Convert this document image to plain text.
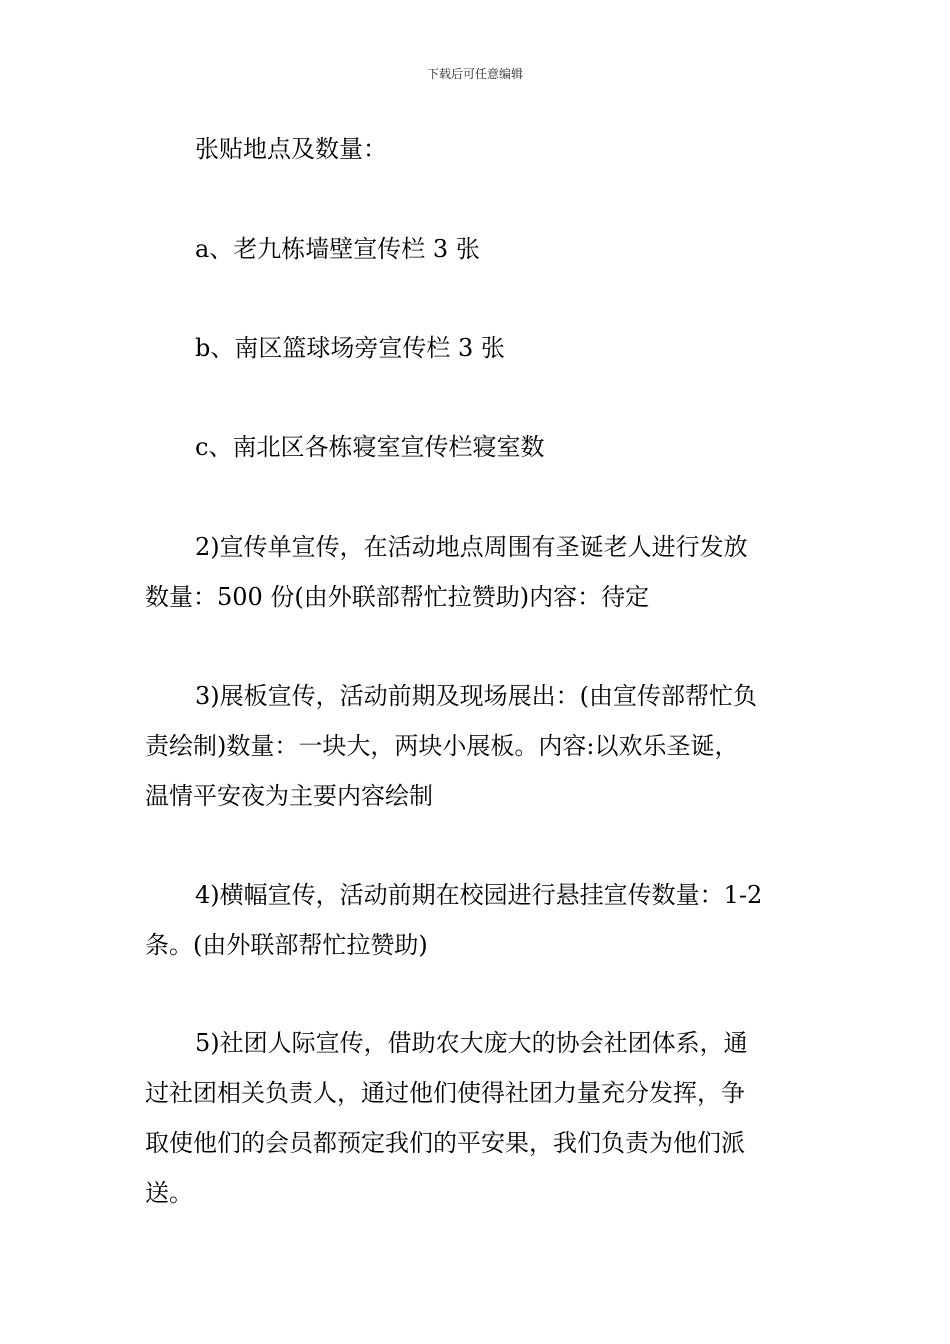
下载后可任意编辑
张贴地点及数量：
a、老九栋墙壁宣传栏 3 张
b、南区篮球场旁宣传栏 3 张
c、南北区各栋寝室宣传栏寝室数
2)宣传单宣传，在活动地点周围有圣诞老人进行发放
数量：500 份(由外联部帮忙拉赞助)内容：待定
3)展板宣传，活动前期及现场展出：(由宣传部帮忙负
责绘制)数量：一块大，两块小展板。内容:以欢乐圣诞，
温情平安夜为主要内容绘制
4)横幅宣传，活动前期在校园进行悬挂宣传数量：1-2
条。(由外联部帮忙拉赞助)
5)社团人际宣传，借助农大庞大的协会社团体系，通
过社团相关负责人，通过他们使得社团力量充分发挥，争
取使他们的会员都预定我们的平安果，我们负责为他们派
送。
